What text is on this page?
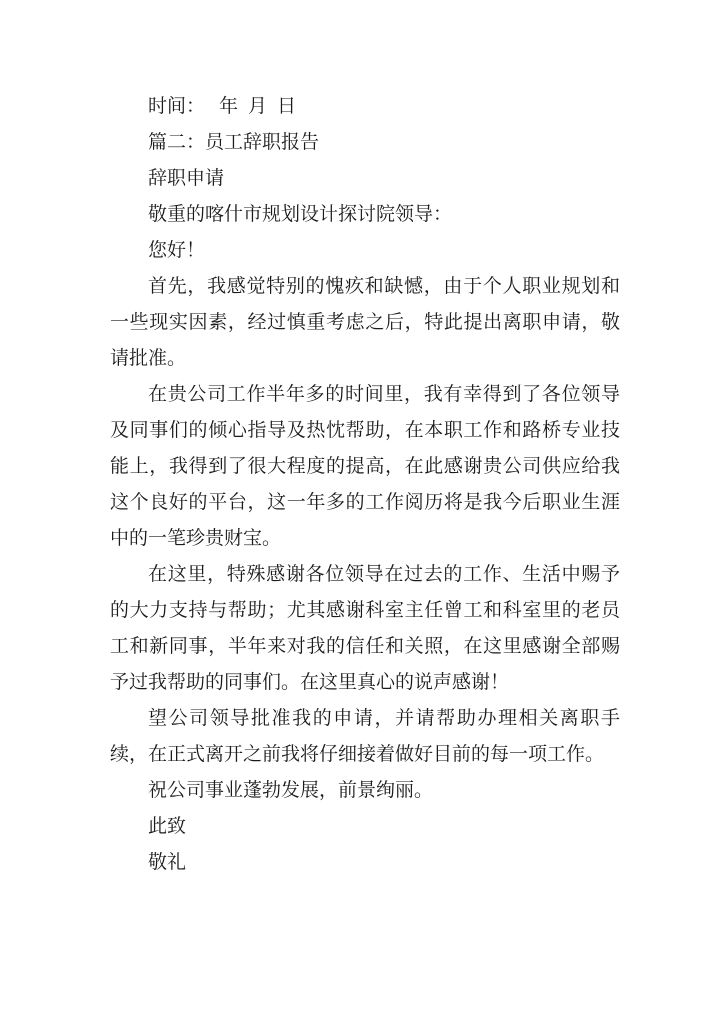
时间： 年 月 日
篇二：员工辞职报告
辞职申请
敬重的喀什市规划设计探讨院领导：
您好！

首先，我感觉特别的愧疚和缺憾，由于个人职业规划和一些现实因素，经过慎重考虑之后，特此提出离职申请，敬请批准。

在贵公司工作半年多的时间里，我有幸得到了各位领导及同事们的倾心指导及热忱帮助，在本职工作和路桥专业技能上，我得到了很大程度的提高，在此感谢贵公司供应给我这个良好的平台，这一年多的工作阅历将是我今后职业生涯中的一笔珍贵财宝。

在这里，特殊感谢各位领导在过去的工作、生活中赐予的大力支持与帮助；尤其感谢科室主任曾工和科室里的老员工和新同事，半年来对我的信任和关照，在这里感谢全部赐予过我帮助的同事们。在这里真心的说声感谢！

望公司领导批准我的申请，并请帮助办理相关离职手续，在正式离开之前我将仔细接着做好目前的每一项工作。

祝公司事业蓬勃发展，前景绚丽。
此致
敬礼
